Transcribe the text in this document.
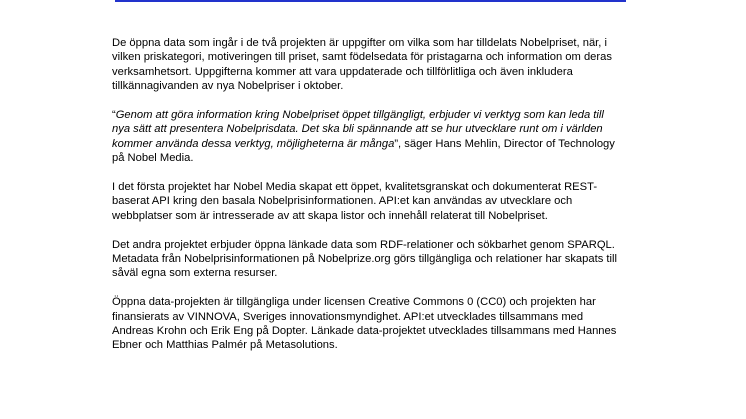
De öppna data som ingår i de två projekten är uppgifter om vilka som har tilldelats Nobelpriset, när, i
vilken priskategori, motiveringen till priset, samt födelsedata för pristagarna och information om deras
verksamhetsort. Uppgifterna kommer att vara uppdaterade och tillförlitliga och även inkludera
tillkännagivanden av nya Nobelpriser i oktober.

“Genom att göra information kring Nobelpriset öppet tillgängligt, erbjuder vi verktyg som kan leda till
nya sätt att presentera Nobelprisdata. Det ska bli spännande att se hur utvecklare runt om i världen
kommer använda dessa verktyg, möjligheterna är många”, säger Hans Mehlin, Director of Technology
på Nobel Media.

I det första projektet har Nobel Media skapat ett öppet, kvalitetsgranskat och dokumenterat REST-
baserat API kring den basala Nobelprisinformationen. API:et kan användas av utvecklare och
webbplatser som är intresserade av att skapa listor och innehåll relaterat till Nobelpriset.

Det andra projektet erbjuder öppna länkade data som RDF-relationer och sökbarhet genom SPARQL.
Metadata från Nobelprisinformationen på Nobelprize.org görs tillgängliga och relationer har skapats till
såväl egna som externa resurser.

Öppna data-projekten är tillgängliga under licensen Creative Commons 0 (CC0) och projekten har
finansierats av VINNOVA, Sveriges innovationsmyndighet. API:et utvecklades tillsammans med
Andreas Krohn och Erik Eng på Dopter. Länkade data-projektet utvecklades tillsammans med Hannes
Ebner och Matthias Palmér på Metasolutions.
